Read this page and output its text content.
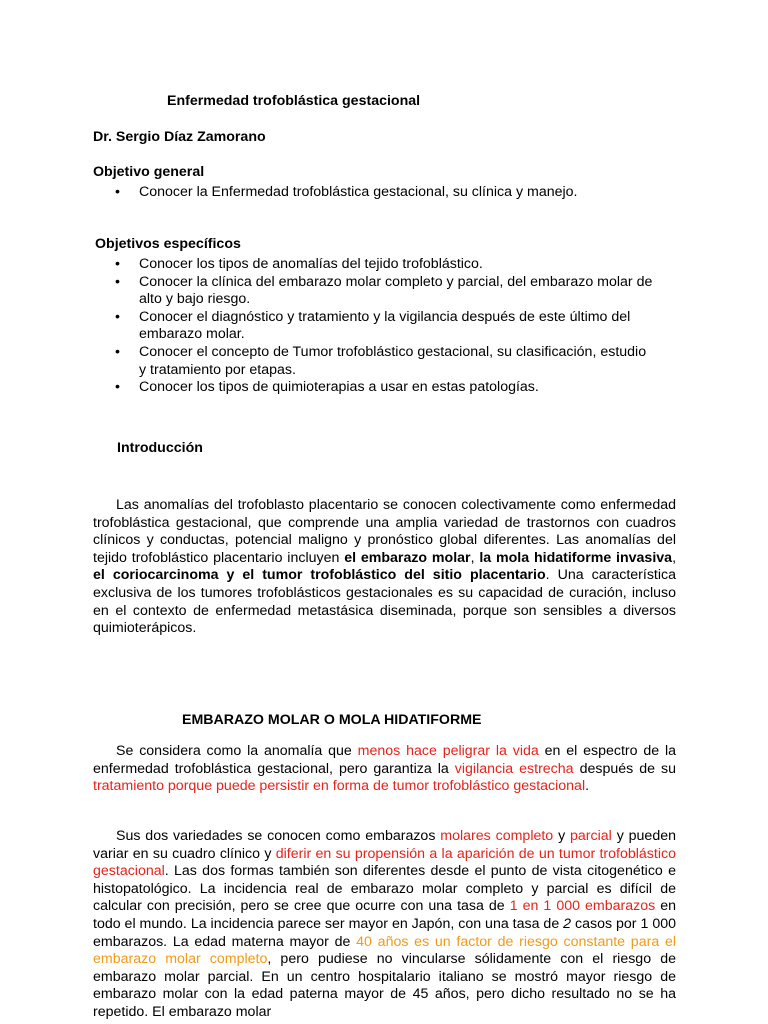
Enfermedad trofoblástica gestacional
Dr. Sergio Díaz Zamorano
Objetivo general
• Conocer la Enfermedad trofoblástica gestacional, su clínica y manejo.
Objetivos específicos
• Conocer los tipos de anomalías del tejido trofoblástico.
• Conocer la clínica del embarazo molar completo y parcial, del embarazo molar de alto y bajo riesgo.
• Conocer el diagnóstico y tratamiento y la vigilancia después de este último del embarazo molar.
• Conocer el concepto de Tumor trofoblástico gestacional, su clasificación, estudio y tratamiento por etapas.
• Conocer los tipos de quimioterapias a usar en estas patologías.
Introducción

Las anomalías del trofoblasto placentario se conocen colectivamente como enfermedad trofoblástica gestacional, que comprende una amplia variedad de trastornos con cuadros clínicos y conductas, potencial maligno y pronóstico global diferentes. Las anomalías del tejido trofoblástico placentario incluyen el embarazo molar, la mola hidatiforme invasiva, el coriocarcinoma y el tumor trofoblástico del sitio placentario. Una característica exclusiva de los tumores trofoblásticos gestacionales es su capacidad de curación, incluso en el contexto de enfermedad metastásica diseminada, porque son sensibles a diversos quimioterápicos.

EMBARAZO MOLAR O MOLA HIDATIFORME

Se considera como la anomalía que menos hace peligrar la vida en el espectro de la enfermedad trofoblástica gestacional, pero garantiza la vigilancia estrecha después de su tratamiento porque puede persistir en forma de tumor trofoblástico gestacional.

Sus dos variedades se conocen como embarazos molares completo y parcial y pueden variar en su cuadro clínico y diferir en su propensión a la aparición de un tumor trofoblástico gestacional. Las dos formas también son diferentes desde el punto de vista citogenético e histopatológico. La incidencia real de embarazo molar completo y parcial es difícil de calcular con precisión, pero se cree que ocurre con una tasa de 1 en 1 000 embarazos en todo el mundo. La incidencia parece ser mayor en Japón, con una tasa de 2 casos por 1 000 embarazos. La edad materna mayor de 40 años es un factor de riesgo constante para el embarazo molar completo, pero pudiese no vincularse sólidamente con el riesgo de embarazo molar parcial. En un centro hospitalario italiano se mostró mayor riesgo de embarazo molar con la edad paterna mayor de 45 años, pero dicho resultado no se ha repetido. El embarazo molar
